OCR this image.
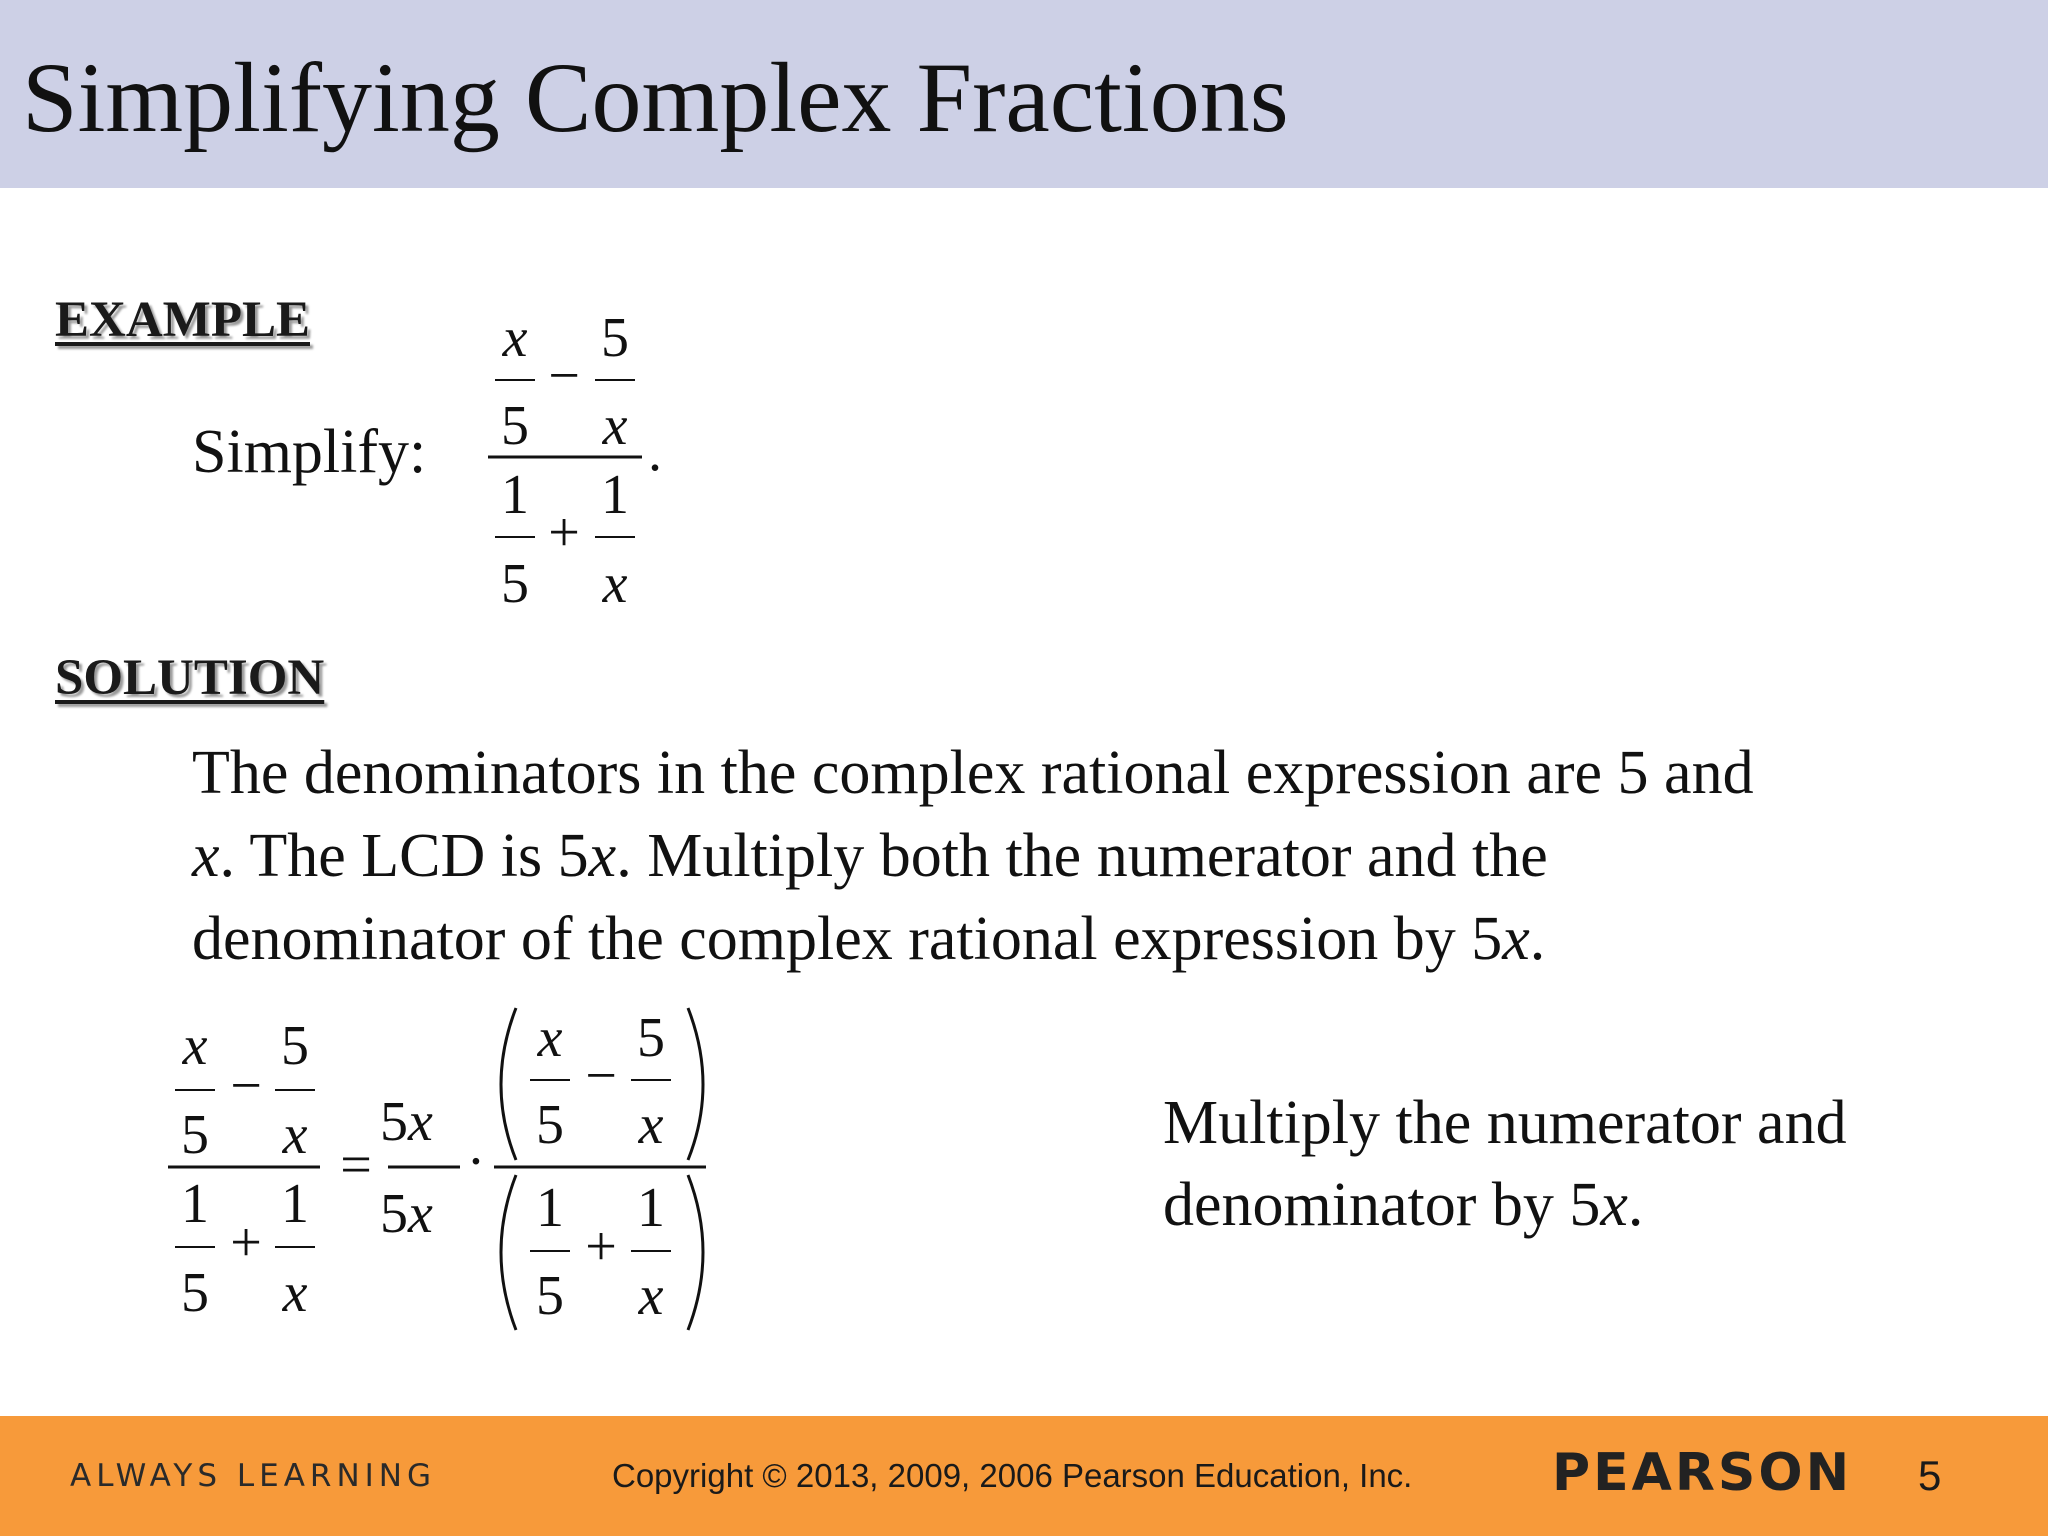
Simplifying Complex Fractions
EXAMPLE
Simplify:
x
5
−
5
x .
1
5
+
1
x
SOLUTION
The denominators in the complex rational expression are 5 and
x. The LCD is 5x. Multiply both the numerator and the
denominator of the complex rational expression by 5x.
x
5
−
5
x
1
5
+
1
x
=
5 x
5 x
·
x
5
−
5
x
1
5
+
1
x
Multiply the numerator and
denominator by 5x.
ALWAYS LEARNING	Copyright © 2013, 2009, 2006 Pearson Education, Inc.	PEARSON 5
